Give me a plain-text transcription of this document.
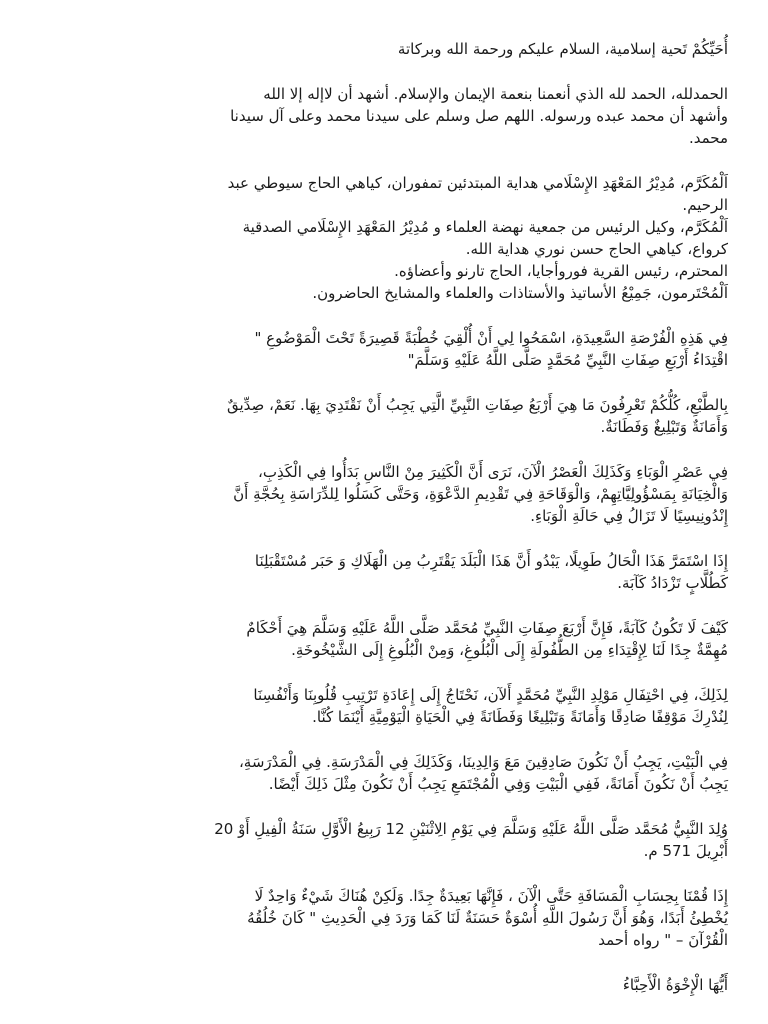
أُحَيِّكُمْ تَحية إسلامية، السلام عليكم ورحمة الله وبركاتة
الحمدلله، الحمد لله الذي أنعمنا بنعمة الإيمان والإسلام. أشهد أن لاإله إلا الله
وأشهد أن محمد عبده ورسوله. اللهم صل وسلم على سيدنا محمد وعلى آل سيدنا
محمد.
اَلْمُكَرَّم، مُدِيْرُ المَعْهَدِ الإِسْلَامي هداية المبتدئين تمفوران، كياهي الحاج سيوطي عبد
الرحيم.
اَلْمُكَرَّم، وكيل الرئيس من جمعية نهضة العلماء و مُدِيْرُ المَعْهَدِ الإِسْلَامي الصدقية
كرواع، كياهي الحاج حسن نوري هداية الله.
المحترم، رئيس القرية فوروأجايا، الحاج تارنو وأعضاؤه.
اَلْمُحْتَرمون، جَمِيْعُ الأساتيذ والأستاذات والعلماء والمشايخ الحاضرون.
فِي هَذِهِ الْفُرْصَةِ السَّعِيدَةِ، اسْمَحُوا لِي أَنْ أُلْقِيَ خُطْبَةً قَصِيرَةً تَحْتَ الْمَوْضُوعِ "
اقْتِدَاءُ أَرْبَعِ صِفَاتِ النَّبِيِّ مُحَمَّدٍ صَلَّى اللَّهُ عَلَيْهِ وَسَلَّمَ"
بِالطَّبْعِ، كُلُّكُمْ تَعْرِفُونَ مَا هِيَ أَرْبَعُ صِفَاتِ النَّبِيِّ الَّتِي يَجِبُ أَنْ نَقْتَدِيَ بِهَا. نَعَمْ، صِدِّيقٌ
وَأَمَانَةٌ وَتَبْلِيغٌ وَفَطَانَةٌ.
فِي عَصْرِ الْوَبَاءِ وَكَذَلِكَ الْعَصْرُ الْآنَ، نَرَى أَنَّ الْكَثِيرَ مِنْ النَّاسِ بَدَأُوا فِي الْكَذِبِ،
وَالْخِيَانَةِ بِمَسْؤُولِيَّاتِهِمْ، وَالْوَقَاحَةِ فِي تَقْدِيمِ الدَّعْوَةِ، وَحَتَّى كَسَلُوا لِلدِّرَاسَةِ بِحُجَّةِ أَنَّ
إِنْدُونِيسِيًا لَا تَزَالُ فِي حَالَةِ الْوَبَاءِ.
إِذَا اسْتَمَرَّ هَذَا الْحَالُ طَوِيلًا، يَبْدُو أَنَّ هَذَا الْبَلَدَ يَقْتَرِبُ مِن الْهَلَاكِ وَ حَبَر مُسْتَقْبَلِنَا
كَطُلَّابٍ تَزْدَادُ كَآبَة.
كَيْفَ لَا تَكُونُ كَآبَةً، فَإِنَّ أَرْبَعَ صِفَاتِ النَّبِيِّ مُحَمَّد صَلَّى اللَّهُ عَلَيْهِ وَسَلَّمَ هِيَ أَحْكَامٌ
مُهِمَّةٌ جِدًا لَنَا لِإِقْتِدَاءِ مِن الطُّفُولَةِ إِلَى الْبُلُوغِ، وَمِنْ الْبُلُوغِ إِلَى الشَّيْخُوخَةِ.
لِذَلِكَ، فِي احْتِفَالِ مَوْلِدِ النَّبِيِّ مُحَمَّدٍ أَلآن، نَحْتَاجُ إِلَى إِعَادَةِ تَرْتِيبِ قُلُوبِنَا وَأَنْفُسِنَا
لِنُدْرِكَ مَوْقِفًا صَادِقًا وَأَمَانَةً وَتَبْلِيغًا وَفَطَانَةً فِي الْحَيَاةِ الْيَوْمِيَّةِ أَيْنَمَا كُنَّا.
فِي الْبَيْتِ، يَجِبُ أَنْ نَكُونَ صَادِقِينَ مَعَ وَالِدِينَا، وَكَذَلِكَ فِي الْمَدْرَسَةِ. فِي الْمَدْرَسَةِ،
يَجِبُ أَنْ نَكُونَ أَمَانَةً، فَفِي الْبَيْتِ وَفِي الْمُجْتَمَعِ يَجِبُ أَنْ نَكُونَ مِثْلَ ذَلِكَ أَيْضًا.
وُلِدَ النَّبِيُّ مُحَمَّد صَلَّى اللَّهُ عَلَيْهِ وَسَلَّمَ فِي يَوْمِ الِاثْنَيْنِ 12 رَبِيعُ الْأَوَّلِ سَنَةُ الْفِيلِ أَوْ 20
أَبْرِيلَ 571 م.
إِذَا قُمْنَا بِحِسَابِ الْمَسَافَةِ حَتَّى الْآنَ ، فَإِنَّهَا بَعِيدَةٌ جِدًا. وَلَكِنْ هُنَاكَ شَيْءٌ وَاحِدٌ لَا
يُخْطِئُ أَبَدًا، وَهُوَ أَنَّ رَسُولَ اللَّهِ أُسْوَةٌ حَسَنَةٌ لَنَا كَمَا وَرَدَ فِي الْحَدِيثِ " كَانَ خُلُقُهُ
الْقُرْآنَ – " رواه أحمد
أَيُّهَا الْإِخْوَةُ الْأَحِبَّاءُ
